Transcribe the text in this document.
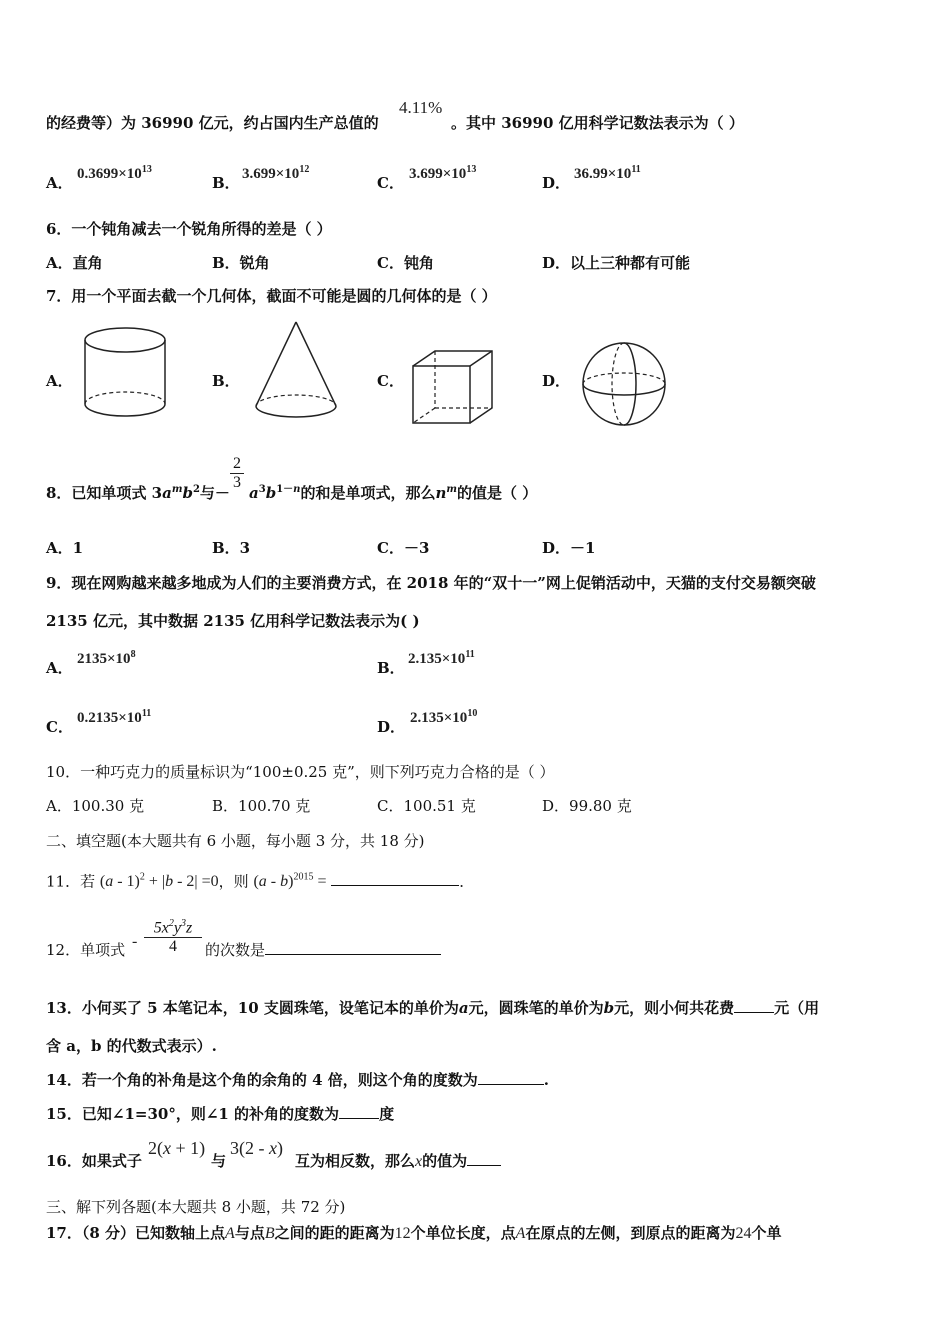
的经费等）为 36990 亿元，约占国内生产总值的
4.11%
。其中 36990 亿用科学记数法表示为（ ）
A． $0.3699\times 10^{13}$
B． $3.699\times 10^{12}$
C． $3.699\times 10^{13}$
D． $36.99\times 10^{11}$
6．一个钝角减去一个锐角所得的差是（ ）
A．直角	B．锐角	C．钝角	D．以上三种都有可能
7．用一个平面去截一个几何体，截面不可能是圆的几何体的是（ ）
A．	B．	C．	D．
8．已知单项式 $3a^mb^2$与－
$\frac{2}{3}$
$a^3b^{1-n}$的和是单项式，那么$n^m$的值是（ ）
A．1	B．3	C．－3	D．－1
9．现在网购越来越多地成为人们的主要消费方式，在 2018 年的“双十一”网上促销活动中，天猫的支付交易额突破
2135 亿元，其中数据 2135 亿用科学记数法表示为( )
A． $2135\times 10^8$
B． $2.135\times 10^{11}$
C． $0.2135\times 10^{11}$
D． $2.135\times 10^{10}$
10．一种巧克力的质量标识为“100±0.25 克”，则下列巧克力合格的是（ ）
A．100.30 克	B．100.70 克	C．100.51 克	D．99.80 克
二、填空题(本大题共有 6 小题，每小题 3 分，共 18 分)
11．若 (a - 1)$^2$ + |b - 2| =0，则 (a - b)$^{2015}$ =	．
12．单项式 - $\frac{5x^2y^3z}{4}$ 的次数是
13．小何买了 5 本笔记本，10 支圆珠笔，设笔记本的单价为a元，圆珠笔的单价为b元，则小何共花费	元（用
含 a，b 的代数式表示）.
14．若一个角的补角是这个角的余角的 4 倍，则这个角的度数为	.
15．已知∠1=30°，则∠1 的补角的度数为	度
16．如果式子
2(x + 1)
与
3(2 - x)
互为相反数，那么x的值为
三、解下列各题(本大题共 8 小题，共 72 分)
17．（8 分）已知数轴上点A与点B之间的距的距离为12个单位长度，点A在原点的左侧，到原点的距离为24个单
